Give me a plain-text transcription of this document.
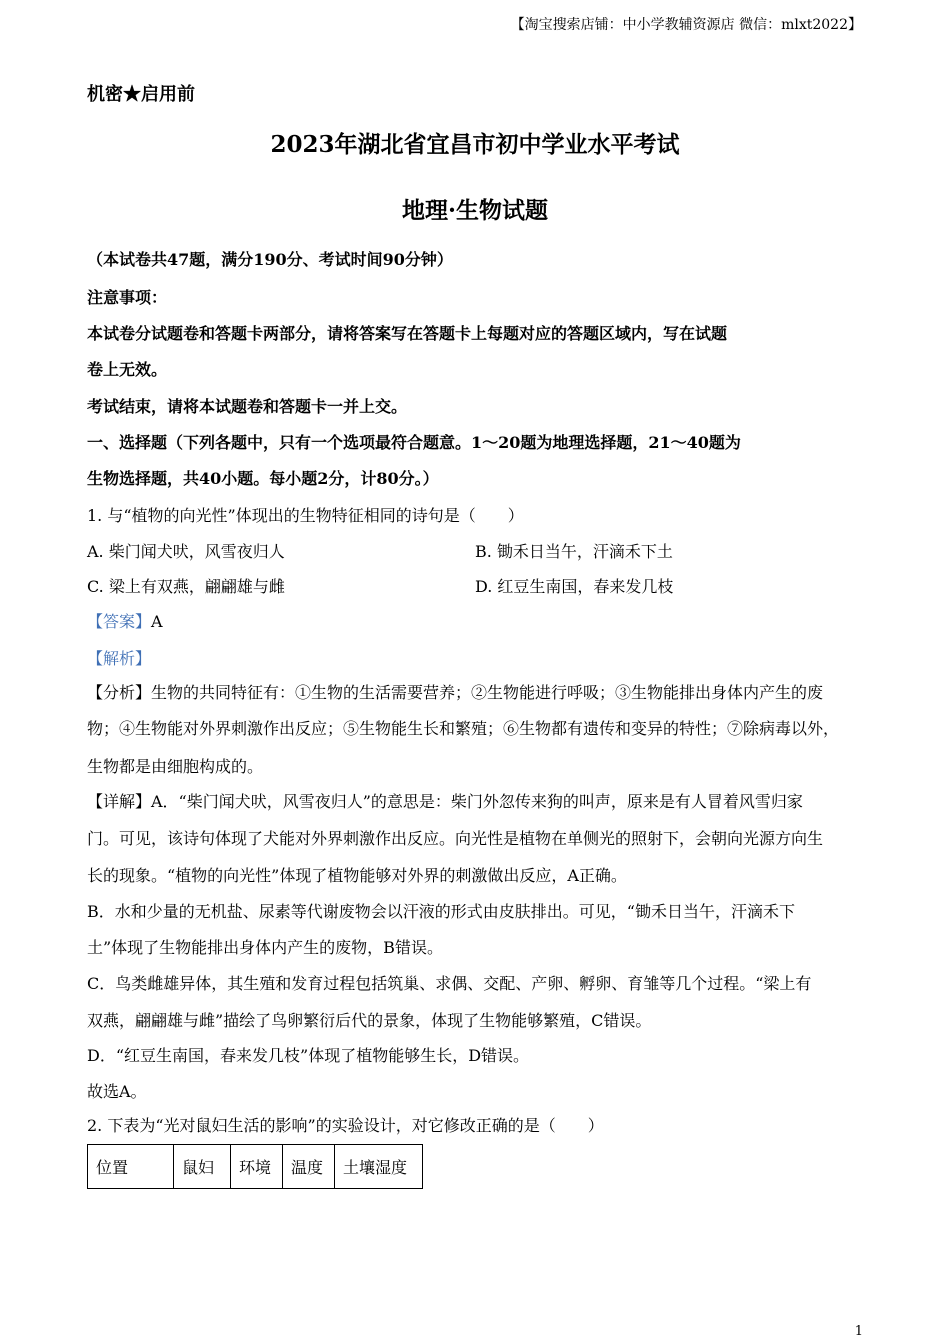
【淘宝搜索店铺：中小学教辅资源店 微信：mlxt2022】
机密★启用前
2023年湖北省宜昌市初中学业水平考试
地理·生物试题
（本试卷共47题，满分190分、考试时间90分钟）
注意事项：
本试卷分试题卷和答题卡两部分，请将答案写在答题卡上每题对应的答题区域内，写在试题
卷上无效。
考试结束，请将本试题卷和答题卡一并上交。
一、选择题（下列各题中，只有一个选项最符合题意。1～20题为地理选择题，21～40题为
生物选择题，共40小题。每小题2分，计80分。）
1. 与“植物的向光性”体现出的生物特征相同的诗句是（　　）
A. 柴门闻犬吠，风雪夜归人	B. 锄禾日当午，汗滴禾下土
C. 梁上有双燕，翩翩雄与雌	D. 红豆生南国，春来发几枝
【答案】A
【解析】
【分析】生物的共同特征有：①生物的生活需要营养；②生物能进行呼吸；③生物能排出身体内产生的废
物；④生物能对外界刺激作出反应；⑤生物能生长和繁殖；⑥生物都有遗传和变异的特性；⑦除病毒以外，
生物都是由细胞构成的。
【详解】A．“柴门闻犬吠，风雪夜归人”的意思是：柴门外忽传来狗的叫声，原来是有人冒着风雪归家
门。可见，该诗句体现了犬能对外界刺激作出反应。向光性是植物在单侧光的照射下，会朝向光源方向生
长的现象。“植物的向光性”体现了植物能够对外界的刺激做出反应，A正确。
B．水和少量的无机盐、尿素等代谢废物会以汗液的形式由皮肤排出。可见，“锄禾日当午，汗滴禾下
土”体现了生物能排出身体内产生的废物，B错误。
C．鸟类雌雄异体，其生殖和发育过程包括筑巢、求偶、交配、产卵、孵卵、育雏等几个过程。“梁上有
双燕，翩翩雄与雌”描绘了鸟卵繁衍后代的景象，体现了生物能够繁殖，C错误。
D．“红豆生南国，春来发几枝”体现了植物能够生长，D错误。
故选A。
2. 下表为“光对鼠妇生活的影响”的实验设计，对它修改正确的是（　　）
位置	鼠妇	环境	温度	土壤湿度
1
